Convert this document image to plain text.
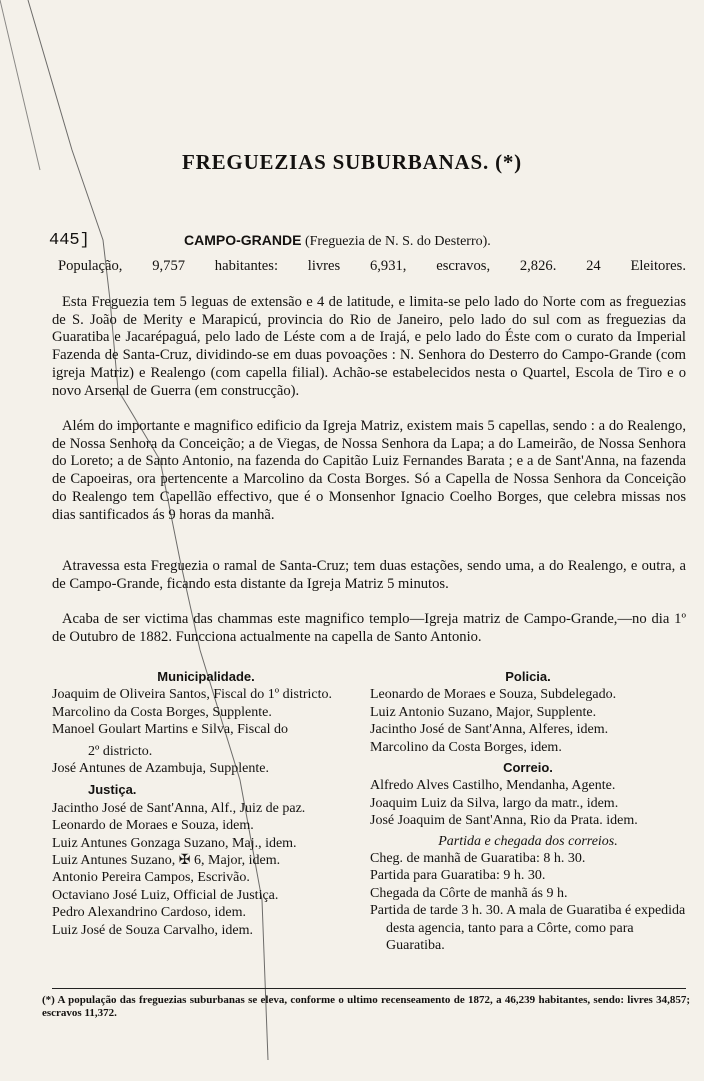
FREGUEZIAS SUBURBANAS. (*)
445]	CAMPO-GRANDE (Freguezia de N. S. do Desterro).
População, 9,757 habitantes: livres 6,931, escravos, 2,826. 24 Eleitores.

Esta Freguezia tem 5 leguas de extensão e 4 de latitude, e limita-se pelo lado do Norte com as freguezias de S. João de Merity e Marapicú, provincia do Rio de Janeiro, pelo lado do sul com as freguezias da Guaratiba e Jacarépaguá, pelo lado de Léste com a de Irajá, e pelo lado do Éste com o curato da Imperial Fazenda de Santa-Cruz, dividindo-se em duas povoações : N. Senhora do Desterro do Campo-Grande (com igreja Matriz) e Realengo (com capella filial). Achão-se estabelecidos nesta o Quartel, Escola de Tiro e o novo Arsenal de Guerra (em construcção).

Além do importante e magnifico edificio da Igreja Matriz, existem mais 5 capellas, sendo : a do Realengo, de Nossa Senhora da Conceição; a de Viegas, de Nossa Senhora da Lapa; a do Lameirão, de Nossa Senhora do Loreto; a de Santo Antonio, na fazenda do Capitão Luiz Fernandes Barata ; e a de Sant'Anna, na fazenda de Capoeiras, ora pertencente a Marcolino da Costa Borges. Só a Capella de Nossa Senhora da Conceição do Realengo tem Capellão effectivo, que é o Monsenhor Ignacio Coelho Borges, que celebra missas nos dias santificados ás 9 horas da manhã.

Atravessa esta Freguezia o ramal de Santa-Cruz; tem duas estações, sendo uma, a do Realengo, e outra, a de Campo-Grande, ficando esta distante da Igreja Matriz 5 minutos.

Acaba de ser victima das chammas este magnifico templo—Igreja matriz de Campo-Grande,—no dia 1º de Outubro de 1882. Funcciona actualmente na capella de Santo Antonio.

Municipalidade.
Joaquim de Oliveira Santos, Fiscal do 1º districto.
Marcolino da Costa Borges, Supplente.
Manoel Goulart Martins e Silva, Fiscal do
2º districto.
José Antunes de Azambuja, Supplente.
Justiça.
Jacintho José de Sant'Anna, Alf., Juiz de paz.
Leonardo de Moraes e Souza, idem.
Luiz Antunes Gonzaga Suzano, Maj., idem.
Luiz Antunes Suzano, ✠ 6, Major, idem.
Antonio Pereira Campos, Escrivão.
Octaviano José Luiz, Official de Justiça.
Pedro Alexandrino Cardoso, idem.
Luiz José de Souza Carvalho, idem.
Policia.
Leonardo de Moraes e Souza, Subdelegado.
Luiz Antonio Suzano, Major, Supplente.
Jacintho José de Sant'Anna, Alferes, idem.
Marcolino da Costa Borges, idem.
Correio.
Alfredo Alves Castilho, Mendanha, Agente.
Joaquim Luiz da Silva, largo da matr., idem.
José Joaquim de Sant'Anna, Rio da Prata. idem.
Partida e chegada dos correios.
Cheg. de manhã de Guaratiba: 8 h. 30.
Partida para Guaratiba: 9 h. 30.
Chegada da Côrte de manhã ás 9 h.
Partida de tarde 3 h. 30. A mala de Guaratiba é expedida desta agencia, tanto para a Côrte, como para Guaratiba.
(*) A população das freguezias suburbanas se eleva, conforme o ultimo recenseamento de 1872, a 46,239 habitantes, sendo: livres 34,857; escravos 11,372.
